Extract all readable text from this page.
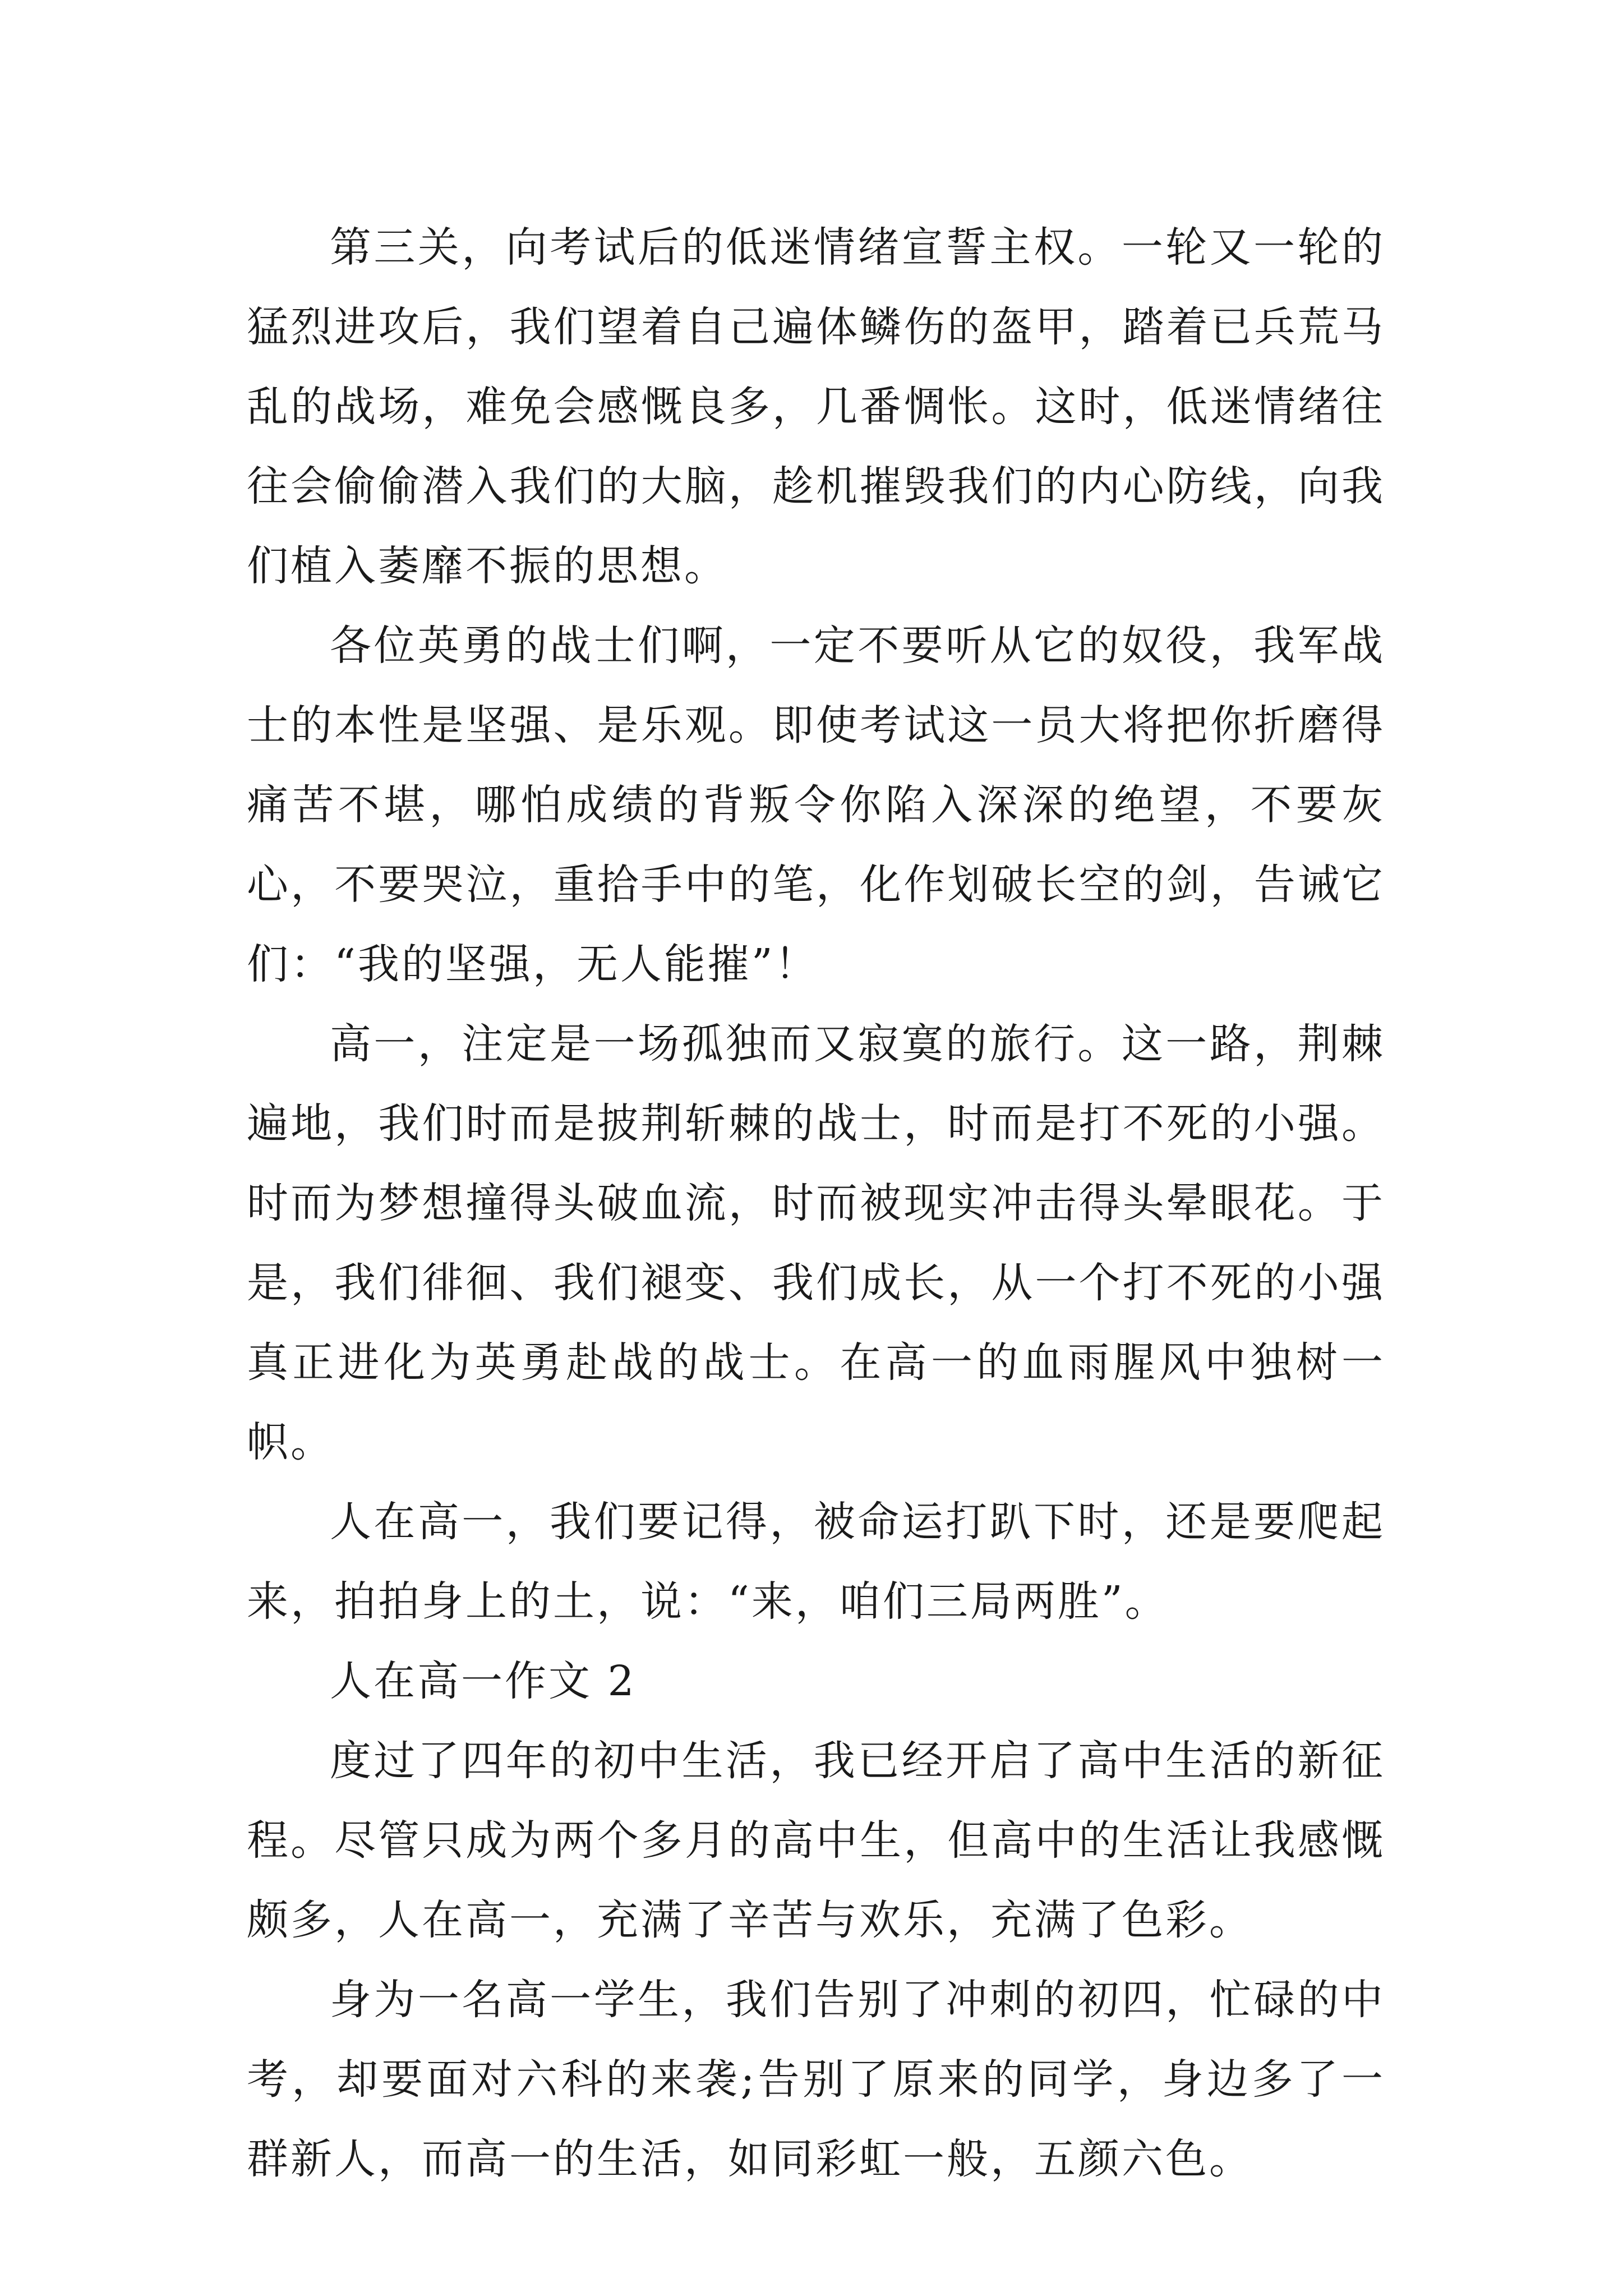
第三关，向考试后的低迷情绪宣誓主权。一轮又一轮的猛烈进攻后，我们望着自己遍体鳞伤的盔甲，踏着已兵荒马乱的战场，难免会感慨良多，几番惆怅。这时，低迷情绪往往会偷偷潜入我们的大脑，趁机摧毁我们的内心防线，向我们植入萎靡不振的思想。

各位英勇的战士们啊，一定不要听从它的奴役，我军战士的本性是坚强、是乐观。即使考试这一员大将把你折磨得痛苦不堪，哪怕成绩的背叛令你陷入深深的绝望，不要灰心，不要哭泣，重拾手中的笔，化作划破长空的剑，告诫它们：“我的坚强，无人能摧”！

高一，注定是一场孤独而又寂寞的旅行。这一路，荆棘遍地，我们时而是披荆斩棘的战士，时而是打不死的小强。时而为梦想撞得头破血流，时而被现实冲击得头晕眼花。于是，我们徘徊、我们褪变、我们成长，从一个打不死的小强真正进化为英勇赴战的战士。在高一的血雨腥风中独树一帜。

人在高一，我们要记得，被命运打趴下时，还是要爬起来，拍拍身上的土，说：“来，咱们三局两胜”。

人在高一作文 2

度过了四年的初中生活，我已经开启了高中生活的新征程。尽管只成为两个多月的高中生，但高中的生活让我感慨颇多，人在高一，充满了辛苦与欢乐，充满了色彩。

身为一名高一学生，我们告别了冲刺的初四，忙碌的中考，却要面对六科的来袭;告别了原来的同学，身边多了一群新人，而高一的生活，如同彩虹一般，五颜六色。
